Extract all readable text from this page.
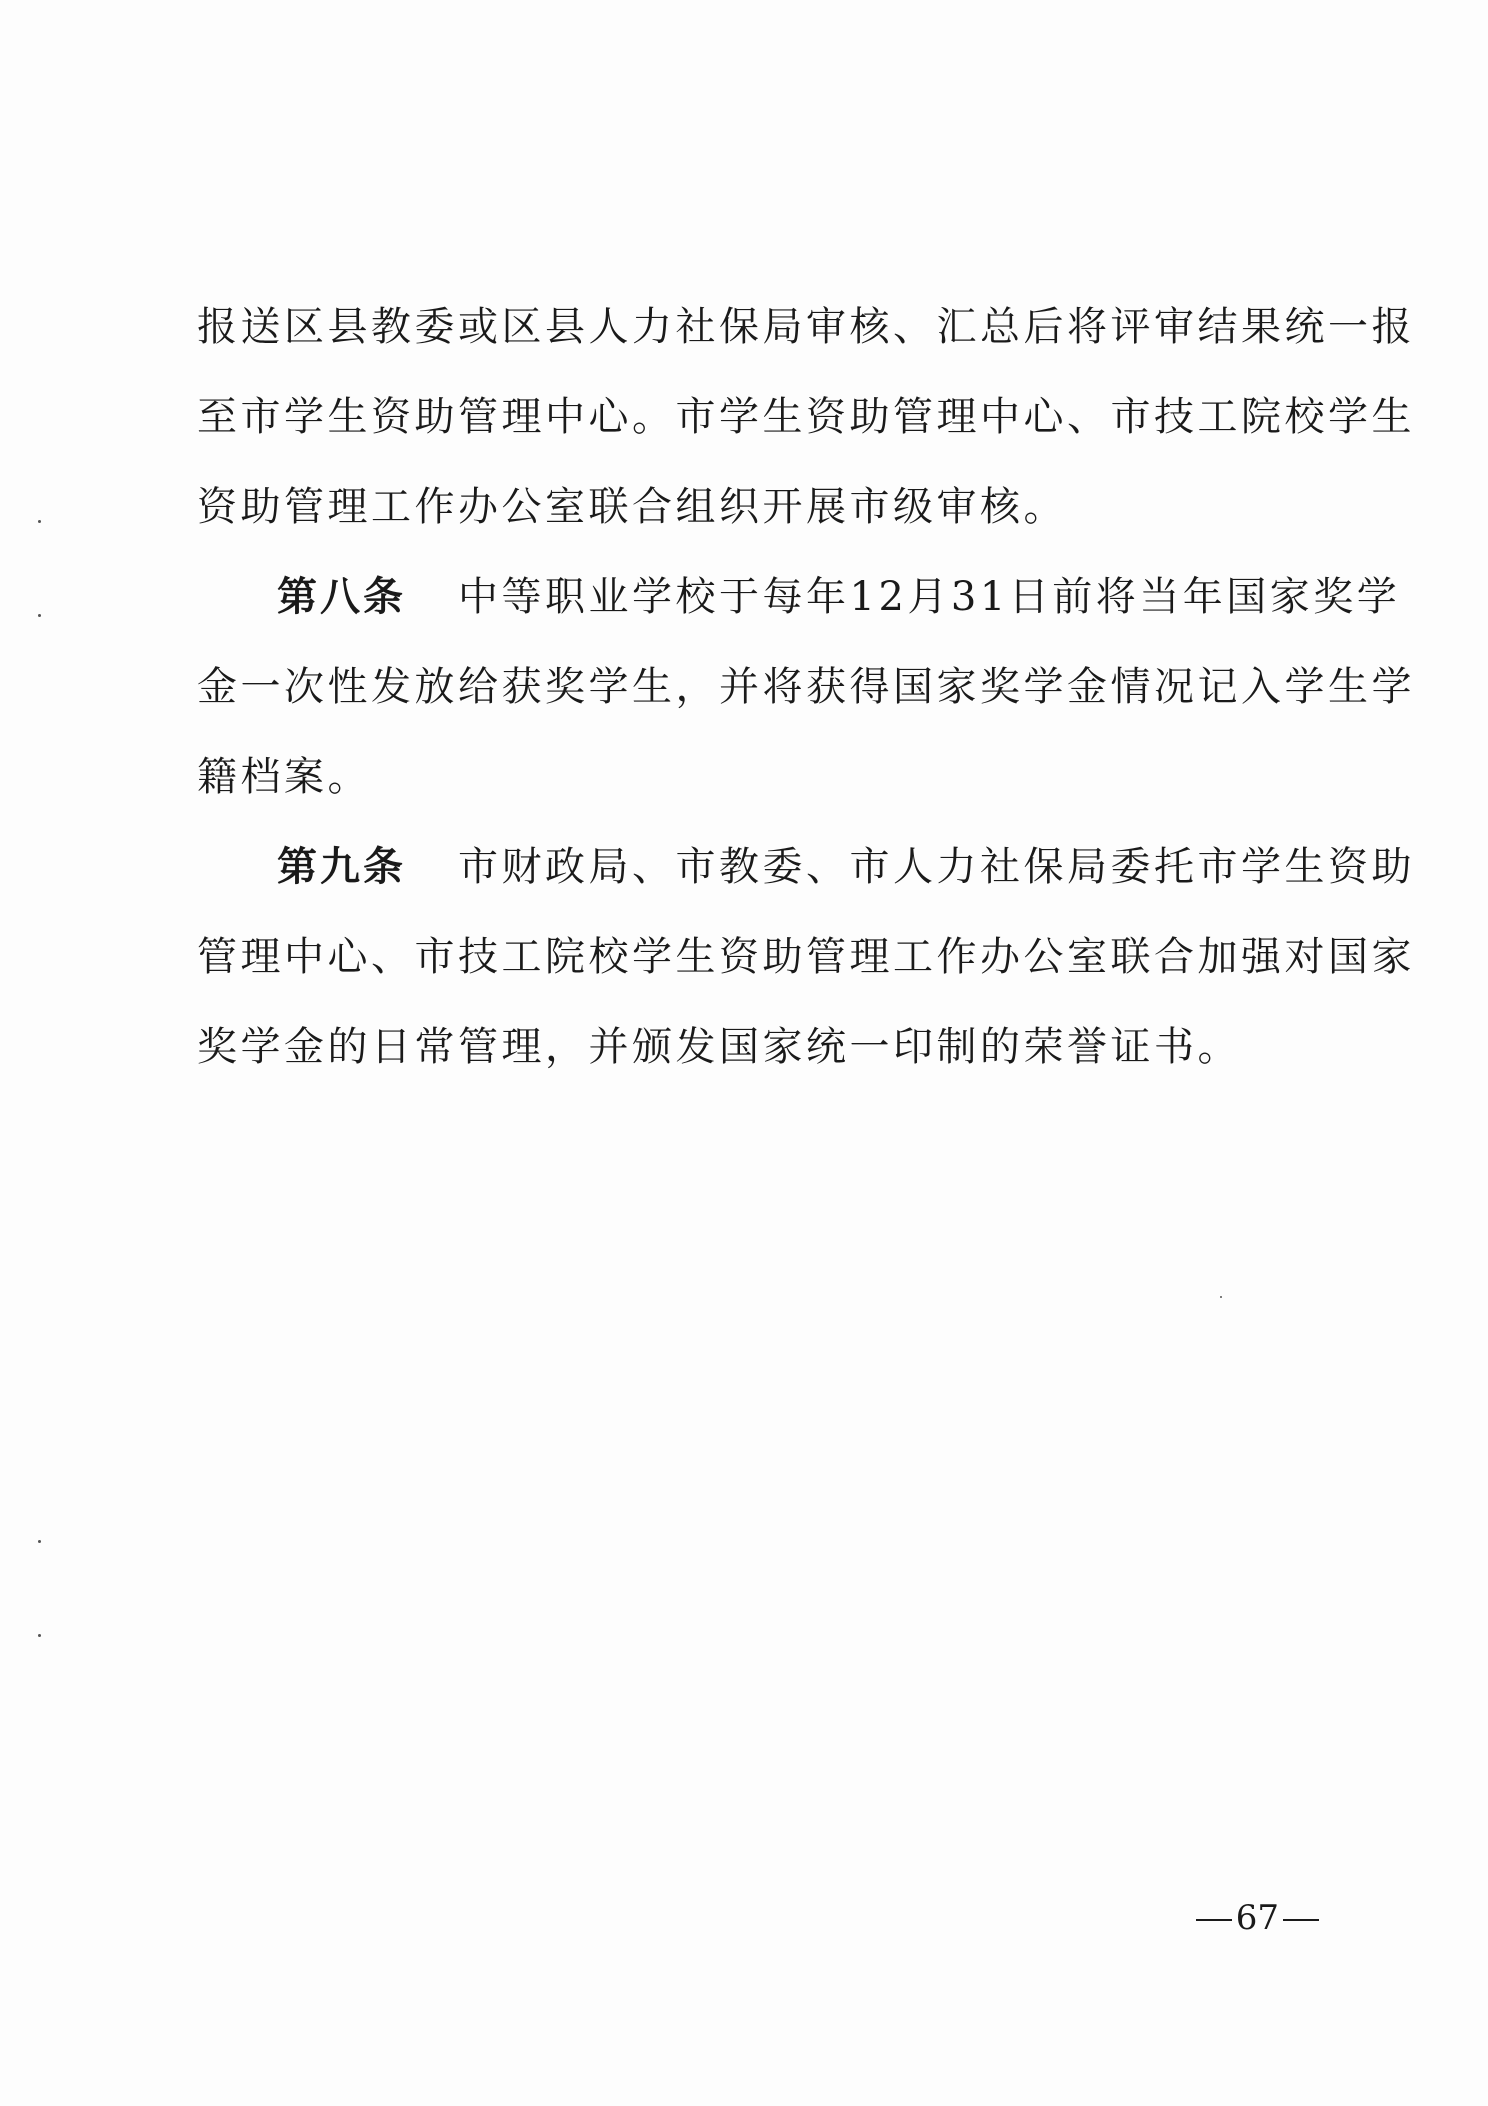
报送区县教委或区县人力社保局审核、汇总后将评审结果统一报
至市学生资助管理中心。市学生资助管理中心、市技工院校学生
资助管理工作办公室联合组织开展市级审核。
第八条 中等职业学校于每年12月31日前将当年国家奖学
金一次性发放给获奖学生，并将获得国家奖学金情况记入学生学
籍档案。
第九条 市财政局、市教委、市人力社保局委托市学生资助
管理中心、市技工院校学生资助管理工作办公室联合加强对国家
奖学金的日常管理，并颁发国家统一印制的荣誉证书。
67
